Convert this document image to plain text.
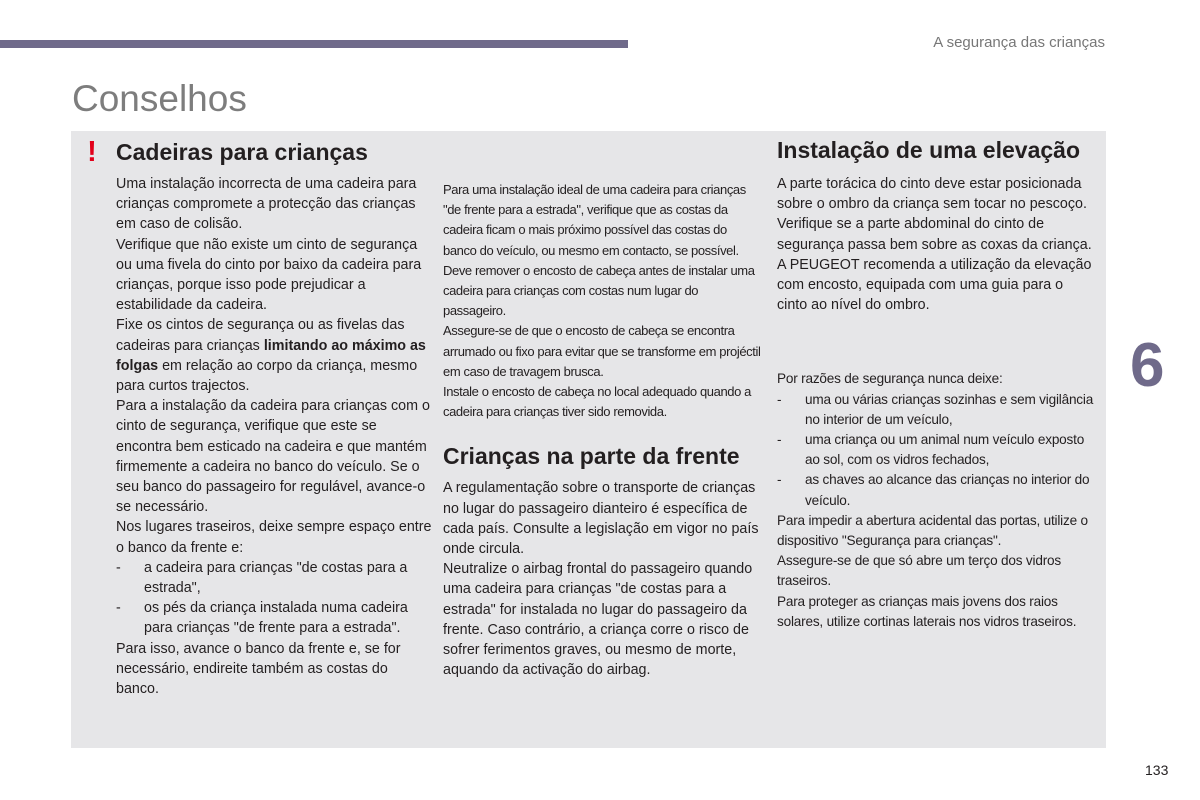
A segurança das crianças
Conselhos
! Cadeiras para crianças

Uma instalação incorrecta de uma cadeira para crianças compromete a protecção das crianças em caso de colisão.

Verifique que não existe um cinto de segurança ou uma fivela do cinto por baixo da cadeira para crianças, porque isso pode prejudicar a estabilidade da cadeira.

Fixe os cintos de segurança ou as fivelas das cadeiras para crianças limitando ao máximo as folgas em relação ao corpo da criança, mesmo para curtos trajectos.

Para a instalação da cadeira para crianças com o cinto de segurança, verifique que este se encontra bem esticado na cadeira e que mantém firmemente a cadeira no banco do veículo. Se o seu banco do passageiro for regulável, avance-o se necessário.

Nos lugares traseiros, deixe sempre espaço entre o banco da frente e:

- a cadeira para crianças "de costas para a estrada",

- os pés da criança instalada numa cadeira para crianças "de frente para a estrada".

Para isso, avance o banco da frente e, se for necessário, endireite também as costas do banco.

Para uma instalação ideal de uma cadeira para crianças "de frente para a estrada", verifique que as costas da cadeira ficam o mais próximo possível das costas do banco do veículo, ou mesmo em contacto, se possível.

Deve remover o encosto de cabeça antes de instalar uma cadeira para crianças com costas num lugar do passageiro.

Assegure-se de que o encosto de cabeça se encontra arrumado ou fixo para evitar que se transforme em projéctil em caso de travagem brusca.

Instale o encosto de cabeça no local adequado quando a cadeira para crianças tiver sido removida.

Crianças na parte da frente

A regulamentação sobre o transporte de crianças no lugar do passageiro dianteiro é específica de cada país. Consulte a legislação em vigor no país onde circula.

Neutralize o airbag frontal do passageiro quando uma cadeira para crianças "de costas para a estrada" for instalada no lugar do passageiro da frente. Caso contrário, a criança corre o risco de sofrer ferimentos graves, ou mesmo de morte, aquando da activação do airbag.

Instalação de uma elevação

A parte torácica do cinto deve estar posicionada sobre o ombro da criança sem tocar no pescoço.

Verifique se a parte abdominal do cinto de segurança passa bem sobre as coxas da criança.

A PEUGEOT recomenda a utilização da elevação com encosto, equipada com uma guia para o cinto ao nível do ombro.

Por razões de segurança nunca deixe:

- uma ou várias crianças sozinhas e sem vigilância no interior de um veículo,

- uma criança ou um animal num veículo exposto ao sol, com os vidros fechados,

- as chaves ao alcance das crianças no interior do veículo.

Para impedir a abertura acidental das portas, utilize o dispositivo "Segurança para crianças".

Assegure-se de que só abre um terço dos vidros traseiros.

Para proteger as crianças mais jovens dos raios solares, utilize cortinas laterais nos vidros traseiros.

6
133
